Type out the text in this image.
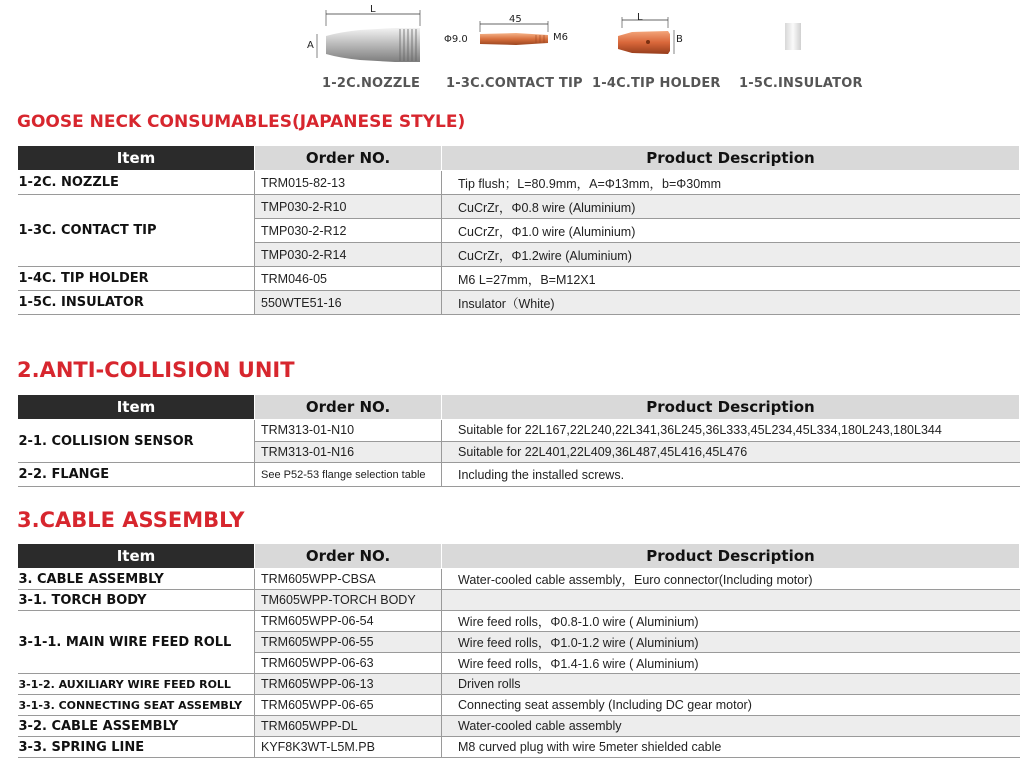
L
A
45
Φ9.0	M6
L
B
1-2C.NOZZLE 1-3C.CONTACT TIP 1-4C.TIP HOLDER 1-5C.INSULATOR
GOOSE NECK CONSUMABLES(JAPANESE STYLE)
Item	Order NO.	Product Description
1-2C. NOZZLE	TRM015-82-13	Tip flush；L=80.9mm，A=Φ13mm，b=Φ30mm
1-3C. CONTACT TIP	TMP030-2-R10	CuCrZr，Φ0.8 wire (Aluminium)
	TMP030-2-R12	CuCrZr，Φ1.0 wire (Aluminium)
	TMP030-2-R14	CuCrZr，Φ1.2wire (Aluminium)
1-4C. TIP HOLDER	TRM046-05	M6 L=27mm，B=M12X1
1-5C. INSULATOR	550WTE51-16	Insulator（White)
2.ANTI-COLLISION UNIT
Item	Order NO.	Product Description
2-1. COLLISION SENSOR	TRM313-01-N10	Suitable for 22L167,22L240,22L341,36L245,36L333,45L234,45L334,180L243,180L344
	TRM313-01-N16	Suitable for 22L401,22L409,36L487,45L416,45L476
2-2. FLANGE	See P52-53 flange selection table	Including the installed screws.
3.CABLE ASSEMBLY
Item	Order NO.	Product Description
3. CABLE ASSEMBLY	TRM605WPP-CBSA	Water-cooled cable assembly，Euro connector(Including motor)
3-1. TORCH BODY	TM605WPP-TORCH BODY	
3-1-1. MAIN WIRE FEED ROLL	TRM605WPP-06-54	Wire feed rolls，Φ0.8-1.0 wire ( Aluminium)
	TRM605WPP-06-55	Wire feed rolls，Φ1.0-1.2 wire ( Aluminium)
	TRM605WPP-06-63	Wire feed rolls，Φ1.4-1.6 wire ( Aluminium)
3-1-2. AUXILIARY WIRE FEED ROLL	TRM605WPP-06-13	Driven rolls
3-1-3. CONNECTING SEAT ASSEMBLY	TRM605WPP-06-65	Connecting seat assembly (Including DC gear motor)
3-2. CABLE ASSEMBLY	TRM605WPP-DL	Water-cooled cable assembly
3-3. SPRING LINE	KYF8K3WT-L5M.PB	M8 curved plug with wire 5meter shielded cable
